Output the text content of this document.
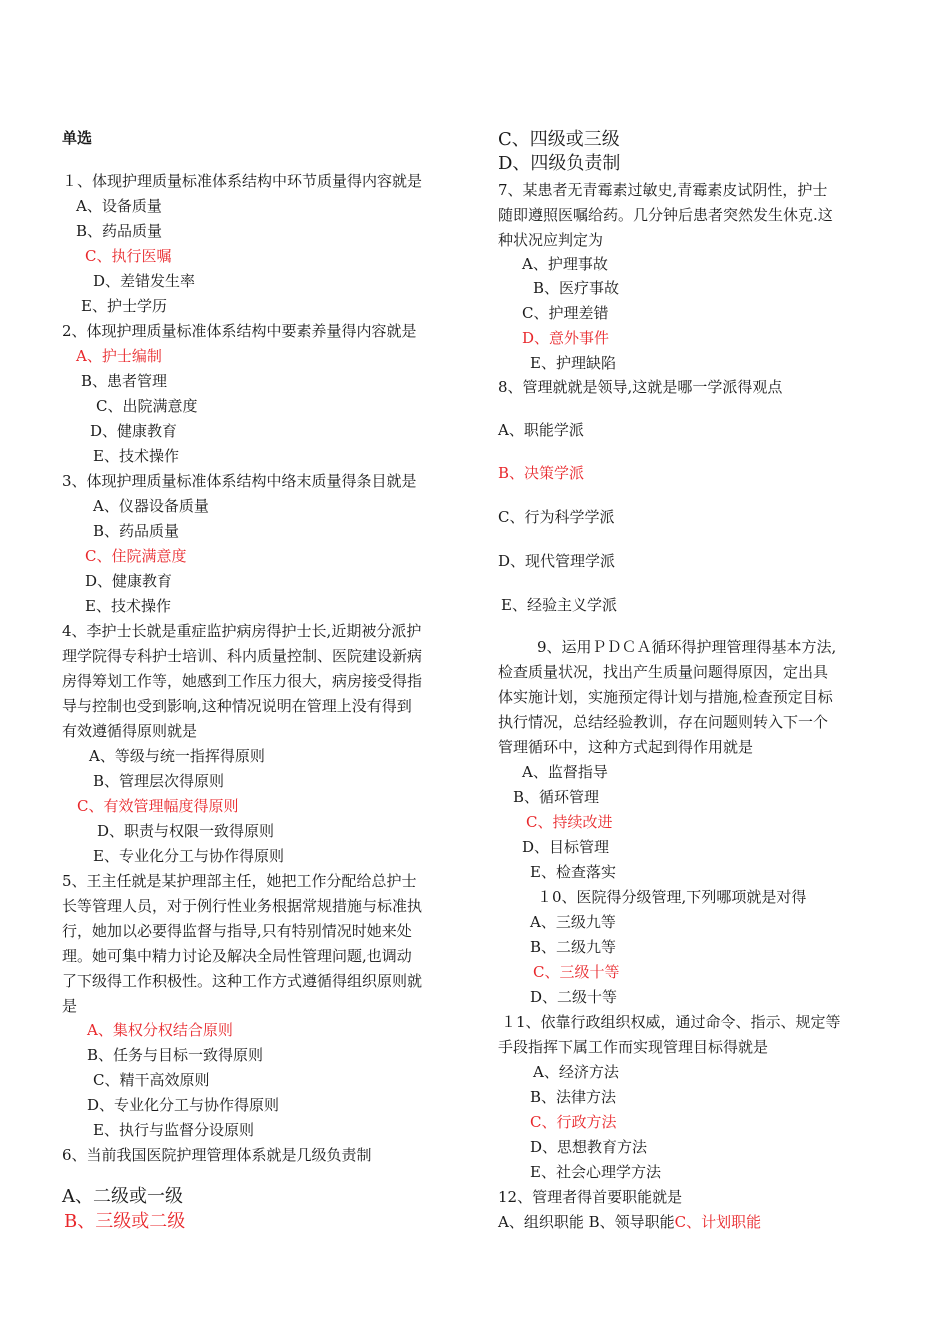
单选
１、体现护理质量标准体系结构中环节质量得内容就是
A、设备质量
B、药品质量
C、执行医嘱
D、差错发生率
E、护士学历
2、体现护理质量标准体系结构中要素养量得内容就是
A、护士编制
B、患者管理
C、出院满意度
D、健康教育
E、技术操作
3、体现护理质量标准体系结构中络末质量得条目就是
A、仪器设备质量
B、药品质量
C、住院满意度
D、健康教育
E、技术操作
4、李护士长就是重症监护病房得护士长,近期被分派护
理学院得专科护士培训、科内质量控制、医院建设新病
房得筹划工作等，她感到工作压力很大，病房接受得指
导与控制也受到影响,这种情况说明在管理上没有得到
有效遵循得原则就是
A、等级与统一指挥得原则
B、管理层次得原则
C、有效管理幅度得原则
D、职责与权限一致得原则
E、专业化分工与协作得原则
5、王主任就是某护理部主任，她把工作分配给总护士
长等管理人员，对于例行性业务根据常规措施与标准执
行，她加以必要得监督与指导,只有特别情况时她来处
理。她可集中精力讨论及解决全局性管理问题,也调动
了下级得工作积极性。这种工作方式遵循得组织原则就
是
A、集权分权结合原则
B、任务与目标一致得原则
C、精干高效原则
D、专业化分工与协作得原则
E、执行与监督分设原则
6、当前我国医院护理管理体系就是几级负责制
A、二级或一级
B、三级或二级
C、四级或三级
D、四级负责制
7、某患者无青霉素过敏史,青霉素皮试阴性，护士
随即遵照医嘱给药。几分钟后患者突然发生休克.这
种状况应判定为
A、护理事故
B、医疗事故
C、护理差错
D、意外事件
E、护理缺陷
8、管理就就是领导,这就是哪一学派得观点
A、职能学派
B、决策学派
C、行为科学学派
D、现代管理学派
E、经验主义学派
9、运用ＰＤＣＡ循环得护理管理得基本方法,
检查质量状况，找出产生质量问题得原因，定出具
体实施计划，实施预定得计划与措施,检查预定目标
执行情况，总结经验教训，存在问题则转入下一个
管理循环中，这种方式起到得作用就是
A、监督指导
B、循环管理
C、持续改进
D、目标管理
E、检查落实
１0、医院得分级管理,下列哪项就是对得
A、三级九等
B、二级九等
C、三级十等
D、二级十等
１1、依靠行政组织权威，通过命令、指示、规定等
手段指挥下属工作而实现管理目标得就是
A、经济方法
B、法律方法
C、行政方法
D、思想教育方法
E、社会心理学方法
12、管理者得首要职能就是
A、组织职能 B、领导职能C、计划职能
